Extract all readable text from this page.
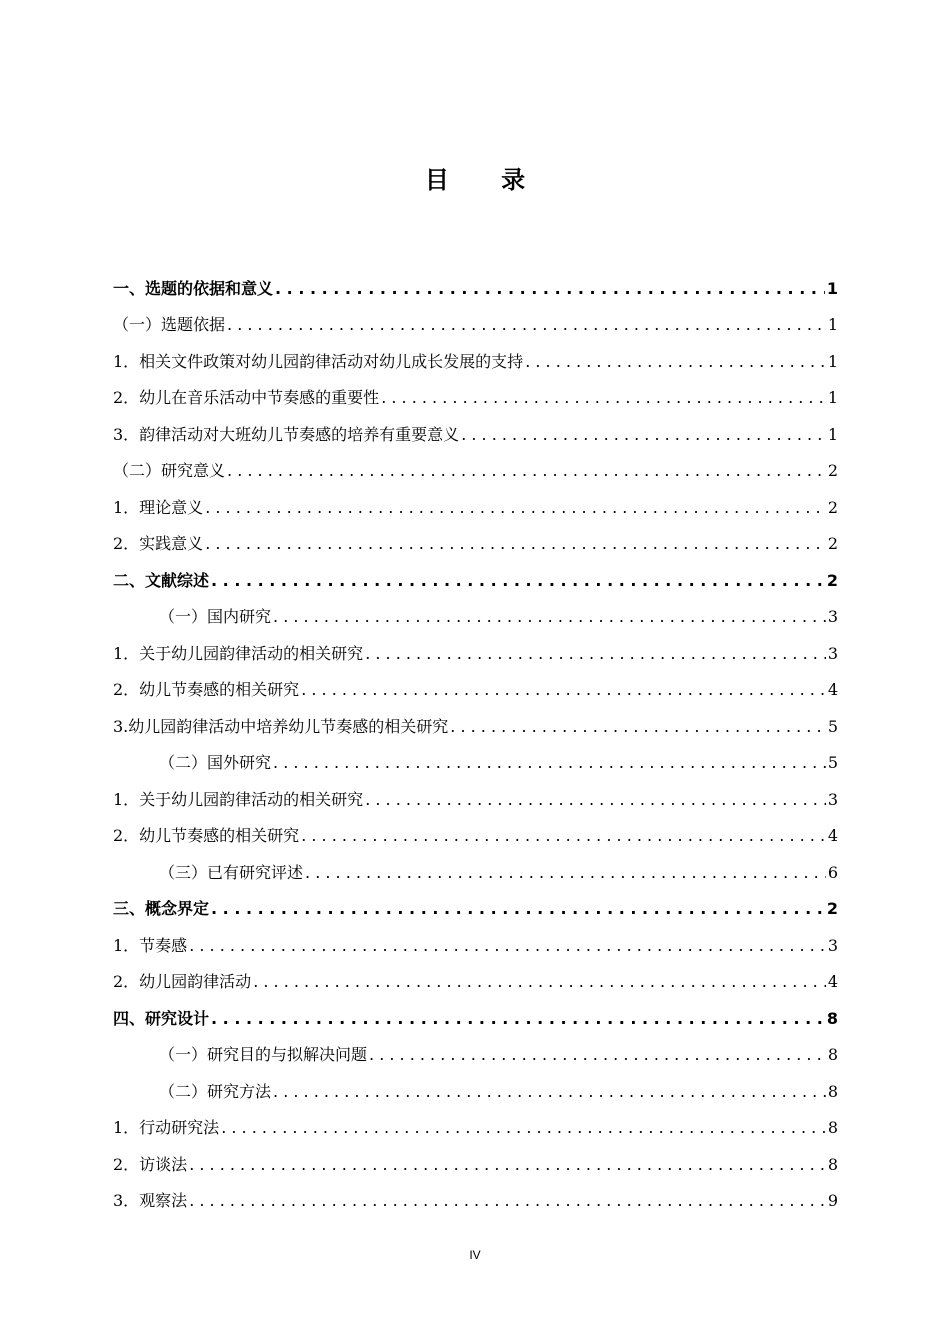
目 录
一、选题的依据和意义 . . .	1
（一）选题依据 . . .	1
1．相关文件政策对幼儿园韵律活动对幼儿成长发展的支持 . . .	1
2．幼儿在音乐活动中节奏感的重要性 . . .	1
3．韵律活动对大班幼儿节奏感的培养有重要意义 . . .	1
（二）研究意义 . . .	2
1．理论意义 . . .	2
2．实践意义 . . .	2
二、文献综述 . . .	2
（一）国内研究 . . .	3
1．关于幼儿园韵律活动的相关研究 . . .	3
2．幼儿节奏感的相关研究 . . .	4
3.幼儿园韵律活动中培养幼儿节奏感的相关研究 . . .	5
（二）国外研究 . . .	5
1．关于幼儿园韵律活动的相关研究 . . .	3
2．幼儿节奏感的相关研究 . . .	4
（三）已有研究评述 . . .	6
三、概念界定 . . .	2
1．节奏感 . . .	3
2．幼儿园韵律活动 . . .	4
四、研究设计 . . .	8
（一）研究目的与拟解决问题 . . .	8
（二）研究方法 . . .	8
1．行动研究法 . . .	8
2．访谈法 . . .	8
3．观察法 . . .	9
IV
